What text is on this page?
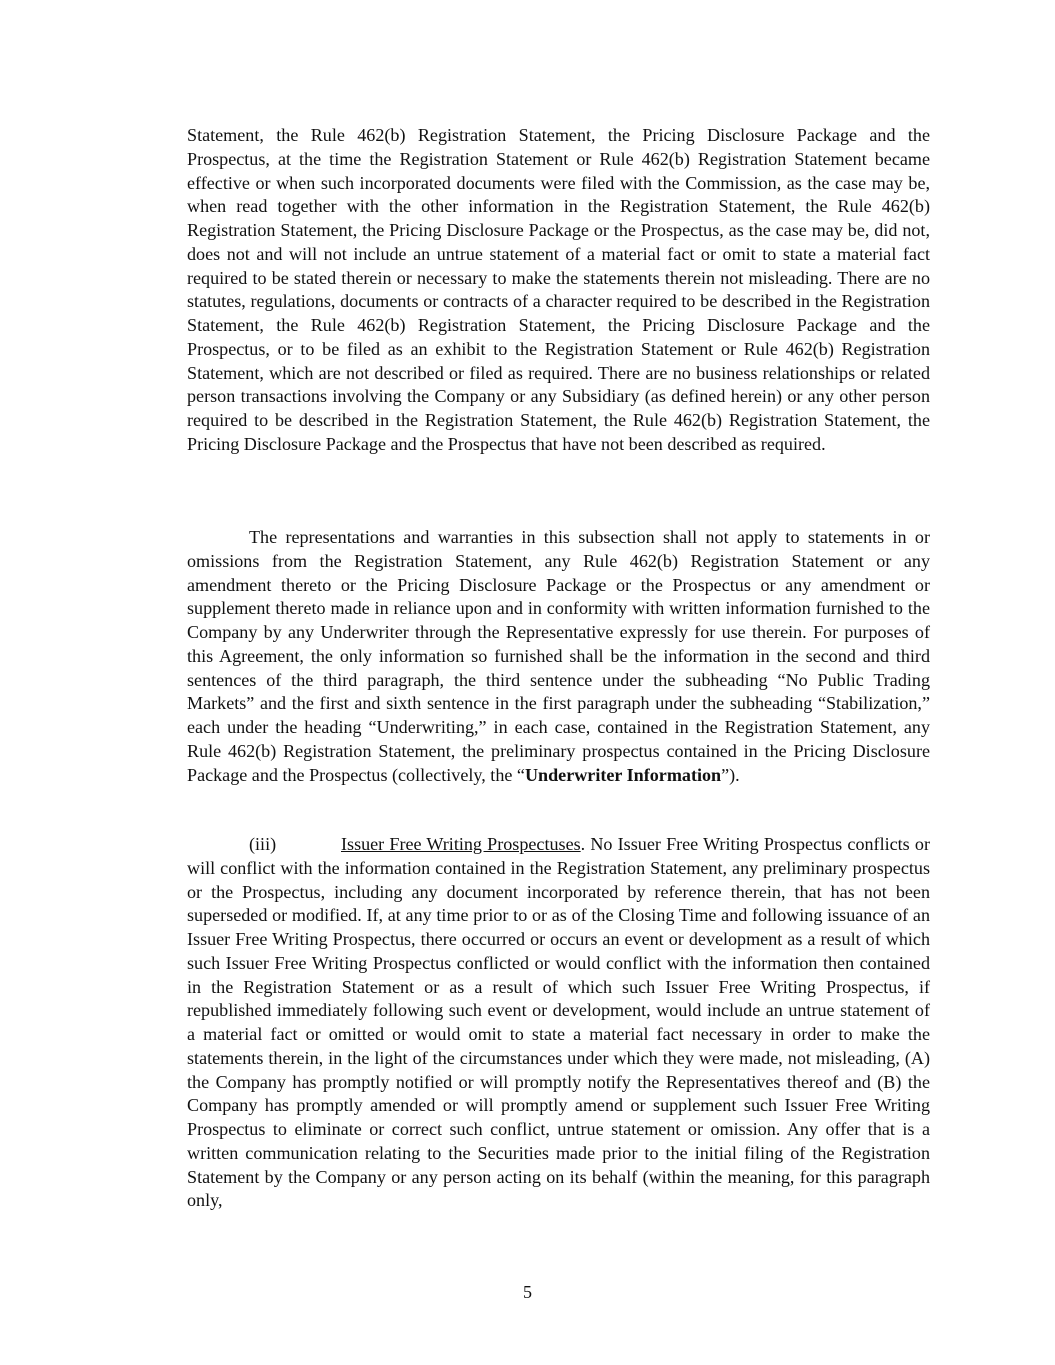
Statement, the Rule 462(b) Registration Statement, the Pricing Disclosure Package and the Prospectus, at the time the Registration Statement or Rule 462(b) Registration Statement became effective or when such incorporated documents were filed with the Commission, as the case may be, when read together with the other information in the Registration Statement, the Rule 462(b) Registration Statement, the Pricing Disclosure Package or the Prospectus, as the case may be, did not, does not and will not include an untrue statement of a material fact or omit to state a material fact required to be stated therein or necessary to make the statements therein not misleading. There are no statutes, regulations, documents or contracts of a character required to be described in the Registration Statement, the Rule 462(b) Registration Statement, the Pricing Disclosure Package and the Prospectus, or to be filed as an exhibit to the Registration Statement or Rule 462(b) Registration Statement, which are not described or filed as required. There are no business relationships or related person transactions involving the Company or any Subsidiary (as defined herein) or any other person required to be described in the Registration Statement, the Rule 462(b) Registration Statement, the Pricing Disclosure Package and the Prospectus that have not been described as required.

The representations and warranties in this subsection shall not apply to statements in or omissions from the Registration Statement, any Rule 462(b) Registration Statement or any amendment thereto or the Pricing Disclosure Package or the Prospectus or any amendment or supplement thereto made in reliance upon and in conformity with written information furnished to the Company by any Underwriter through the Representative expressly for use therein. For purposes of this Agreement, the only information so furnished shall be the information in the second and third sentences of the third paragraph, the third sentence under the subheading “No Public Trading Markets” and the first and sixth sentence in the first paragraph under the subheading “Stabilization,” each under the heading “Underwriting,” in each case, contained in the Registration Statement, any Rule 462(b) Registration Statement, the preliminary prospectus contained in the Pricing Disclosure Package and the Prospectus (collectively, the “Underwriter Information”).

(iii)	Issuer Free Writing Prospectuses. No Issuer Free Writing Prospectus conflicts or will conflict with the information contained in the Registration Statement, any preliminary prospectus or the Prospectus, including any document incorporated by reference therein, that has not been superseded or modified. If, at any time prior to or as of the Closing Time and following issuance of an Issuer Free Writing Prospectus, there occurred or occurs an event or development as a result of which such Issuer Free Writing Prospectus conflicted or would conflict with the information then contained in the Registration Statement or as a result of which such Issuer Free Writing Prospectus, if republished immediately following such event or development, would include an untrue statement of a material fact or omitted or would omit to state a material fact necessary in order to make the statements therein, in the light of the circumstances under which they were made, not misleading, (A) the Company has promptly notified or will promptly notify the Representatives thereof and (B) the Company has promptly amended or will promptly amend or supplement such Issuer Free Writing Prospectus to eliminate or correct such conflict, untrue statement or omission. Any offer that is a written communication relating to the Securities made prior to the initial filing of the Registration Statement by the Company or any person acting on its behalf (within the meaning, for this paragraph only,

5
